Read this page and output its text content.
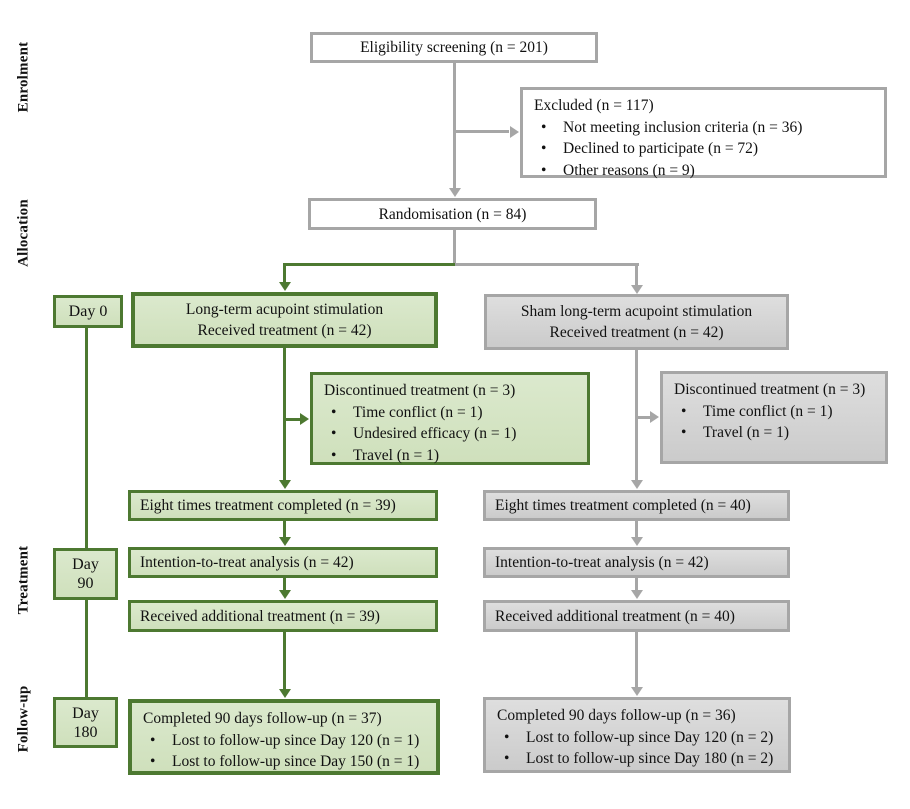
Enrolment
Allocation
Treatment
Follow-up
Day 0
Day
90
Day
180
Eligibility screening (n = 201)
Excluded (n = 117)
• Not meeting inclusion criteria (n = 36)
• Declined to participate (n = 72)
• Other reasons (n = 9)
Randomisation (n = 84)
Long-term acupoint stimulation
Received treatment (n = 42)
Sham long-term acupoint stimulation
Received treatment (n = 42)
Discontinued treatment (n = 3)
• Time conflict (n = 1)
• Undesired efficacy (n = 1)
• Travel (n = 1)
Discontinued treatment (n = 3)
• Time conflict (n = 1)
• Travel (n = 1)
Eight times treatment completed (n = 39)	Eight times treatment completed (n = 40)
Intention-to-treat analysis (n = 42)	Intention-to-treat analysis (n = 42)
Received additional treatment (n = 39)	Received additional treatment (n = 40)
Completed 90 days follow-up (n = 37)
• Lost to follow-up since Day 120 (n = 1)
• Lost to follow-up since Day 150 (n = 1)
Completed 90 days follow-up (n = 36)
• Lost to follow-up since Day 120 (n = 2)
• Lost to follow-up since Day 180 (n = 2)
